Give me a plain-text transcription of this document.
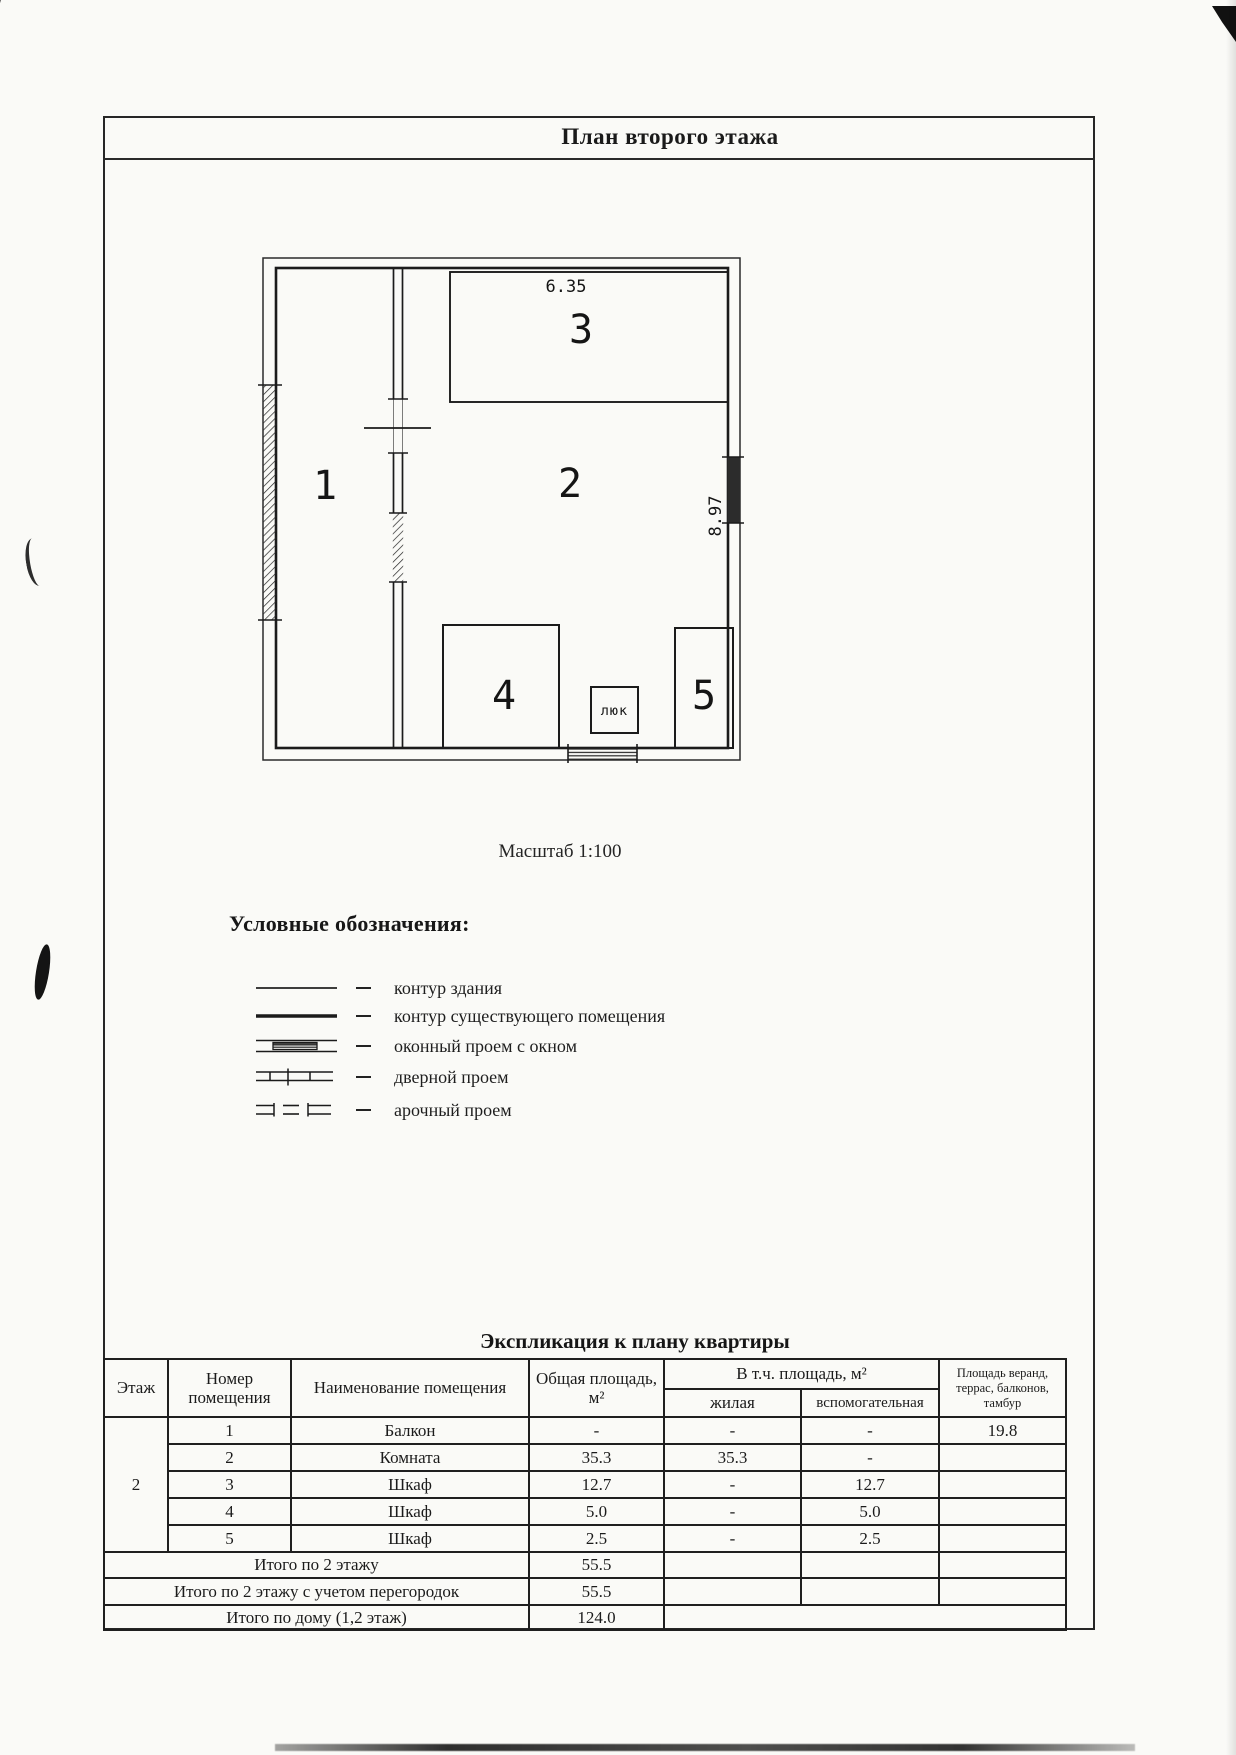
План второго этажа
1	2
3
4	5
люк
6.35
8.97
Масштаб 1:100
Условные обозначения:
контур здания
контур существующего помещения
оконный проем с окном
дверной проем
арочный проем
Экспликация к плану квартиры
Этаж	Номер помещения	Наименование помещения	Общая площадь, м²	В т.ч. площадь, м²		Площадь веранд, террас, балконов, тамбур
				жилая	вспомогательная	
2	1	Балкон	-	-	-	19.8
	2	Комната	35.3	35.3	-	
	3	Шкаф	12.7	-	12.7	
	4	Шкаф	5.0	-	5.0	
	5	Шкаф	2.5	-	2.5	
Итого по 2 этажу			55.5			
Итого по 2 этажу с учетом перегородок			55.5			
Итого по дому (1,2 этаж)			124.0			
